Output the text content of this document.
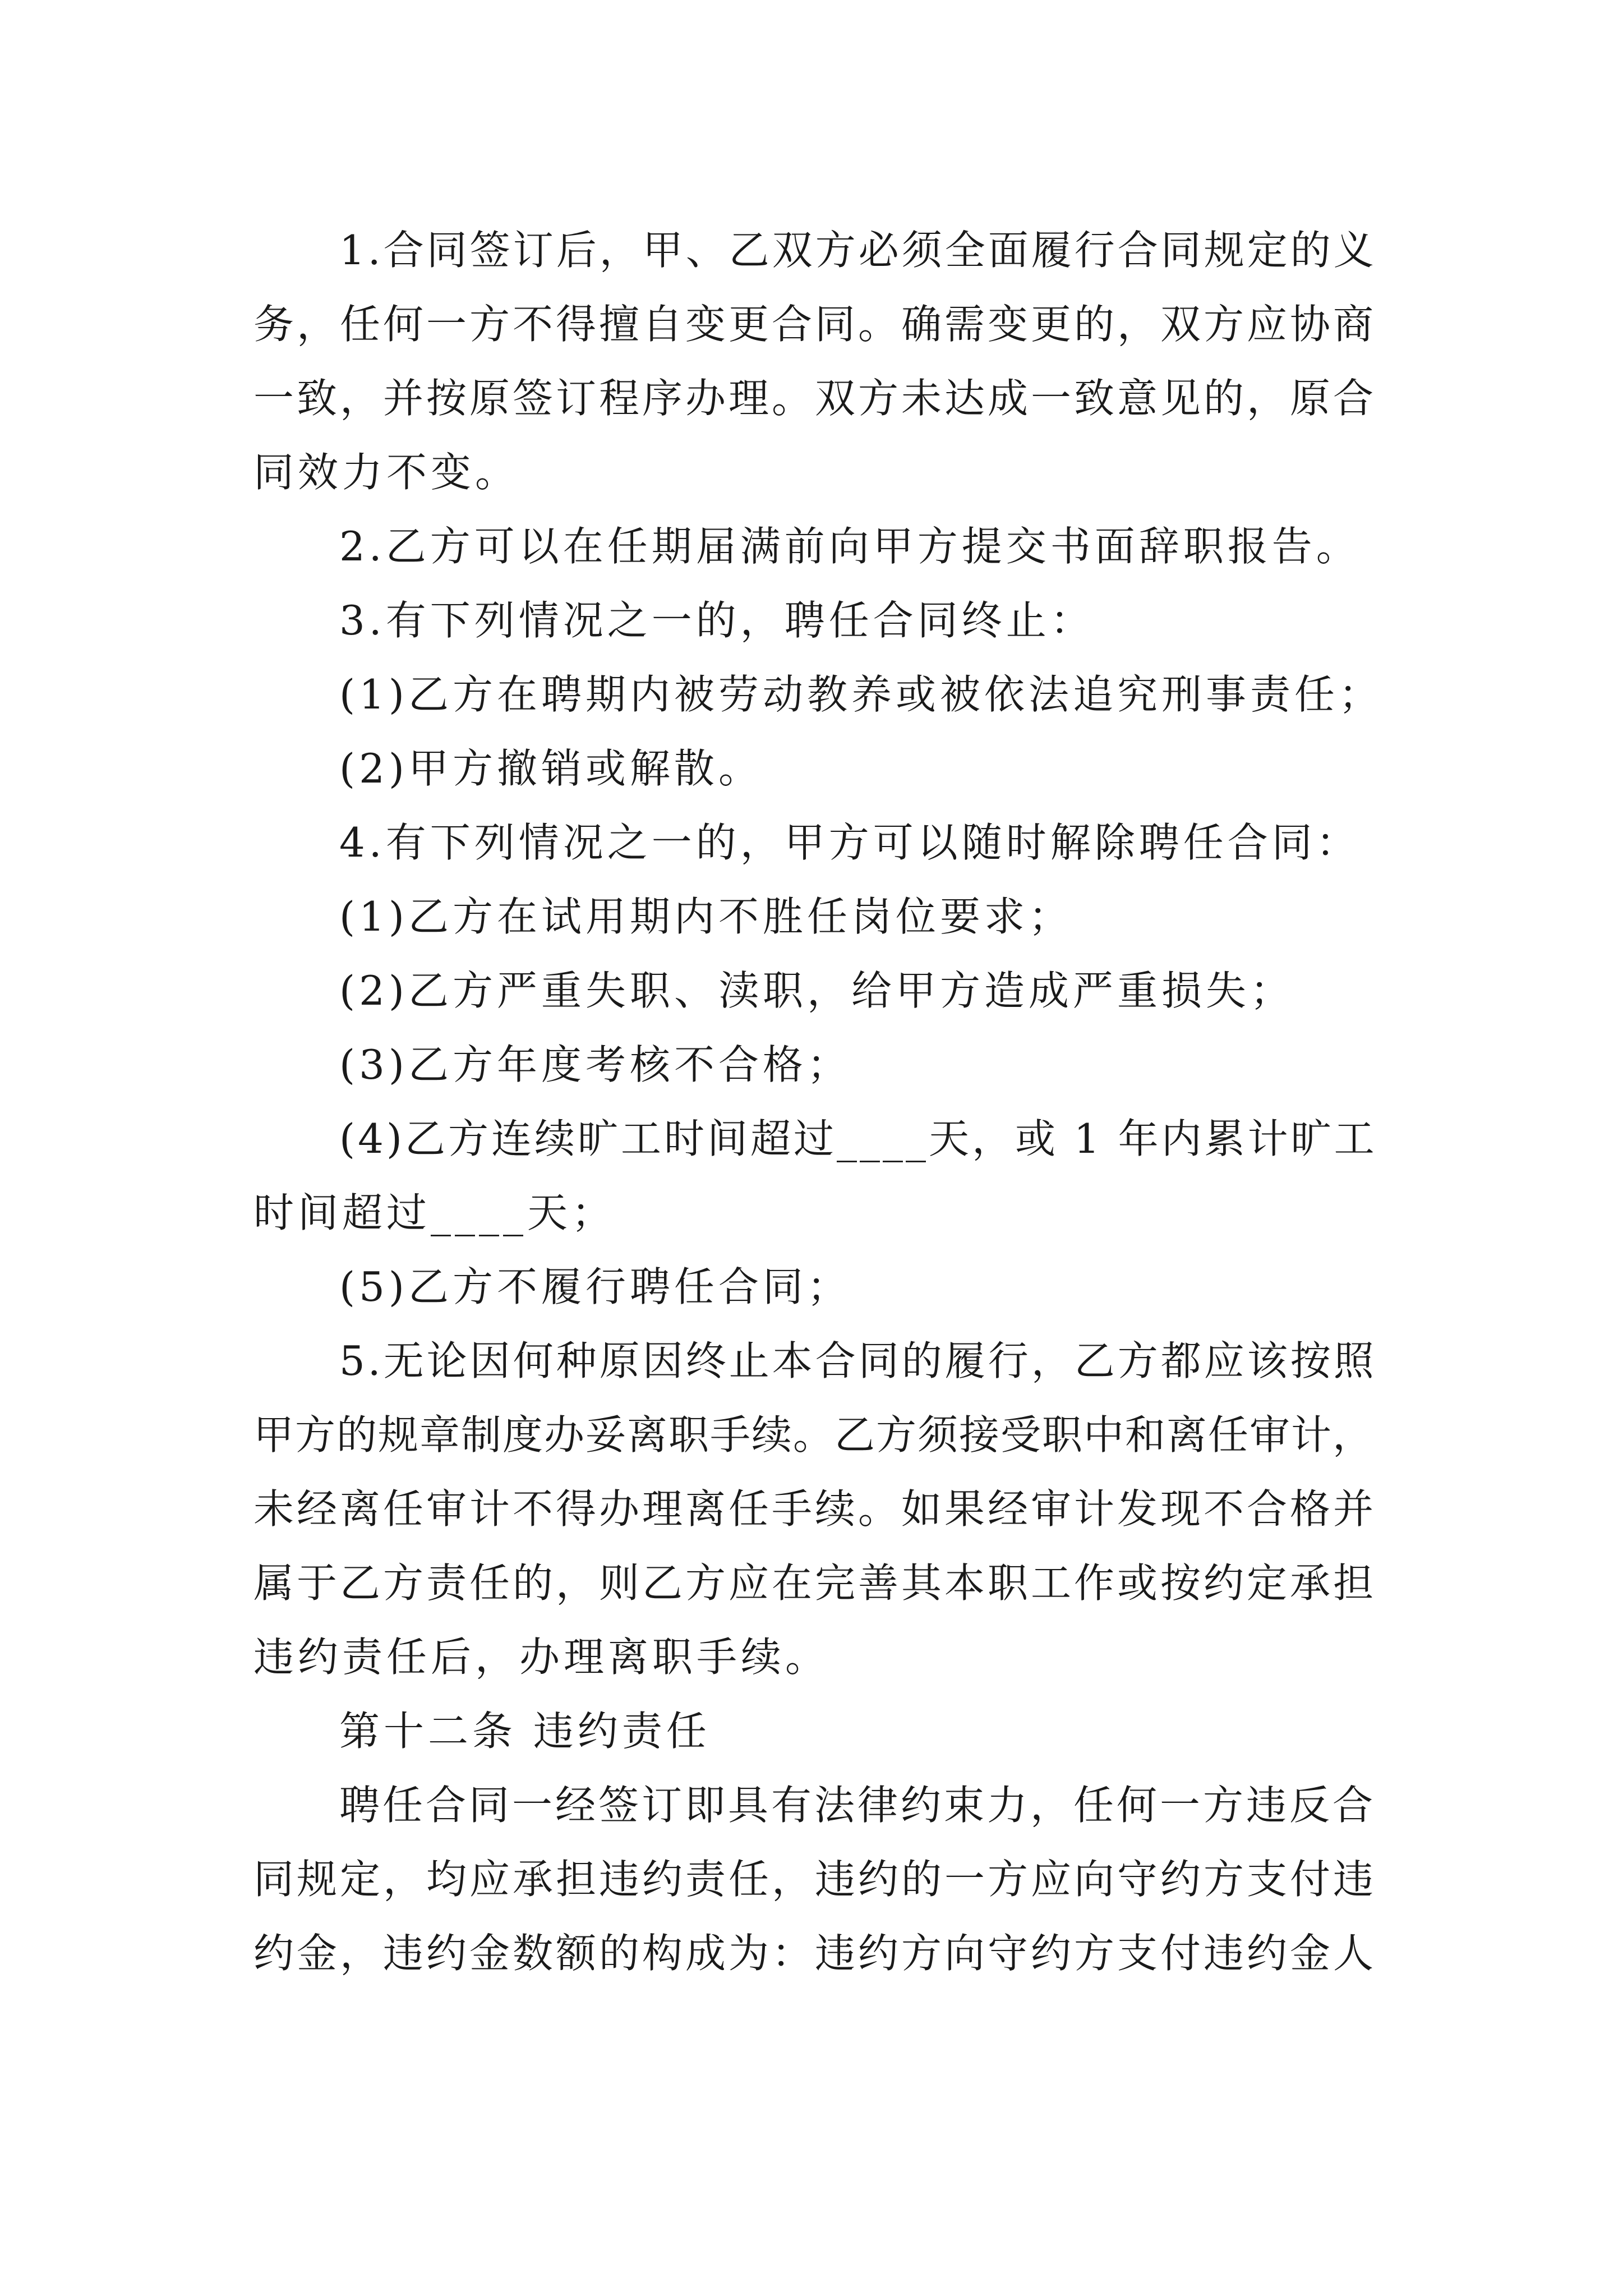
1.合同签订后，甲、乙双方必须全面履行合同规定的义
务，任何一方不得擅自变更合同。确需变更的，双方应协商
一致，并按原签订程序办理。双方未达成一致意见的，原合
同效力不变。
2.乙方可以在任期届满前向甲方提交书面辞职报告。
3.有下列情况之一的，聘任合同终止：
(1)乙方在聘期内被劳动教养或被依法追究刑事责任；
(2)甲方撤销或解散。
4.有下列情况之一的，甲方可以随时解除聘任合同：
(1)乙方在试用期内不胜任岗位要求；
(2)乙方严重失职、渎职，给甲方造成严重损失；
(3)乙方年度考核不合格；
(4)乙方连续旷工时间超过____天，或 1 年内累计旷工
时间超过____天；
(5)乙方不履行聘任合同；
5.无论因何种原因终止本合同的履行，乙方都应该按照
甲方的规章制度办妥离职手续。乙方须接受职中和离任审计，
未经离任审计不得办理离任手续。如果经审计发现不合格并
属于乙方责任的，则乙方应在完善其本职工作或按约定承担
违约责任后，办理离职手续。
第十二条 违约责任
聘任合同一经签订即具有法律约束力，任何一方违反合
同规定，均应承担违约责任，违约的一方应向守约方支付违
约金，违约金数额的构成为：违约方向守约方支付违约金人
